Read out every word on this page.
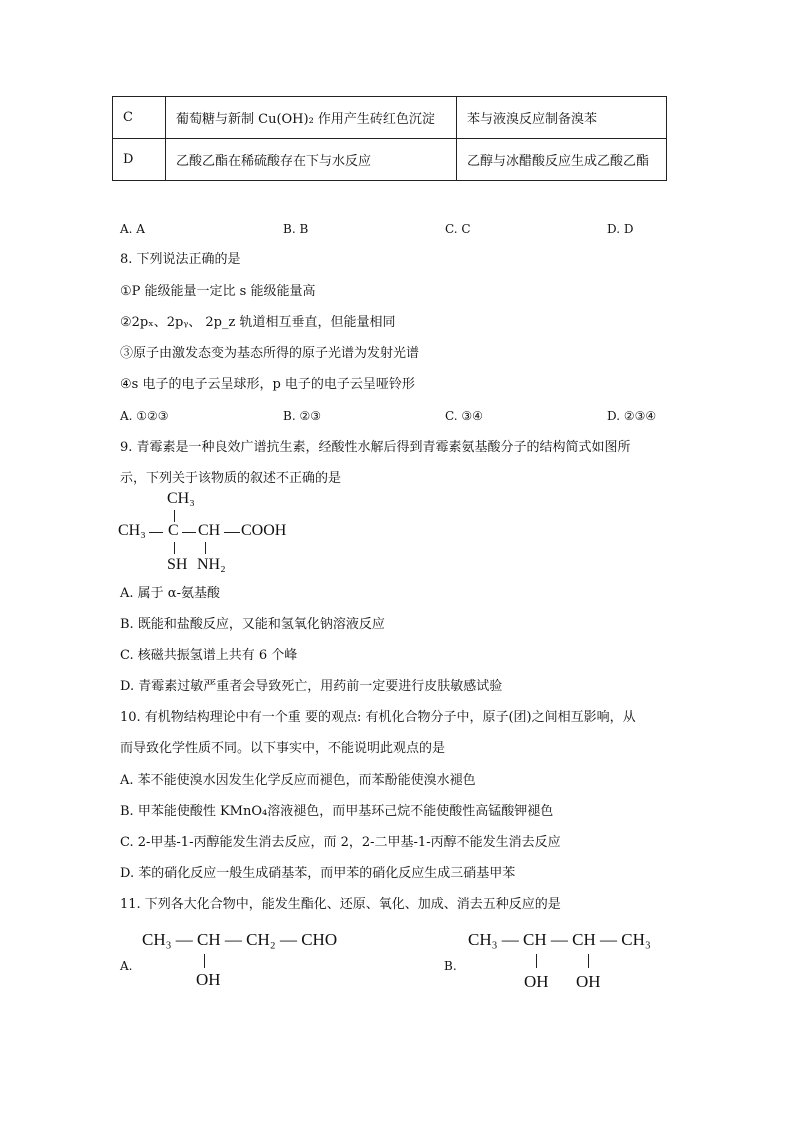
C	葡萄糖与新制 Cu(OH)₂ 作用产生砖红色沉淀	苯与液溴反应制备溴苯
D	乙酸乙酯在稀硫酸存在下与水反应	乙醇与冰醋酸反应生成乙酸乙酯
A. A	B. B	C. C	D. D
8. 下列说法正确的是
①P 能级能量一定比 s 能级能量高
②2pₓ、2pᵧ、 2p_z 轨道相互垂直，但能量相同
③原子由激发态变为基态所得的原子光谱为发射光谱
④s 电子的电子云呈球形，p 电子的电子云呈哑铃形
A. ①②③	B. ②③	C. ③④	D. ②③④
9. 青霉素是一种良效广谱抗生素，经酸性水解后得到青霉素氨基酸分子的结构简式如图所
示，下列关于该物质的叙述不正确的是
CH₃
CH₃ C CH COOH
SH NH₂
A. 属于 α-氨基酸
B. 既能和盐酸反应，又能和氢氧化钠溶液反应
C. 核磁共振氢谱上共有 6 个峰
D. 青霉素过敏严重者会导致死亡，用药前一定要进行皮肤敏感试验
10. 有机物结构理论中有一个重 要的观点: 有机化合物分子中，原子(团)之间相互影响，从
而导致化学性质不同。以下事实中，不能说明此观点的是
A. 苯不能使溴水因发生化学反应而褪色，而苯酚能使溴水褪色
B. 甲苯能使酸性 KMnO₄溶液褪色，而甲基环己烷不能使酸性高锰酸钾褪色
C. 2-甲基-1-丙醇能发生消去反应，而 2，2-二甲基-1-丙醇不能发生消去反应
D. 苯的硝化反应一般生成硝基苯，而甲苯的硝化反应生成三硝基甲苯
11. 下列各大化合物中，能发生酯化、还原、氧化、加成、消去五种反应的是
A.
CH₃ — CH — CH₂ — CHO
OH
B.
CH₃ — CH — CH — CH₃
OH OH
